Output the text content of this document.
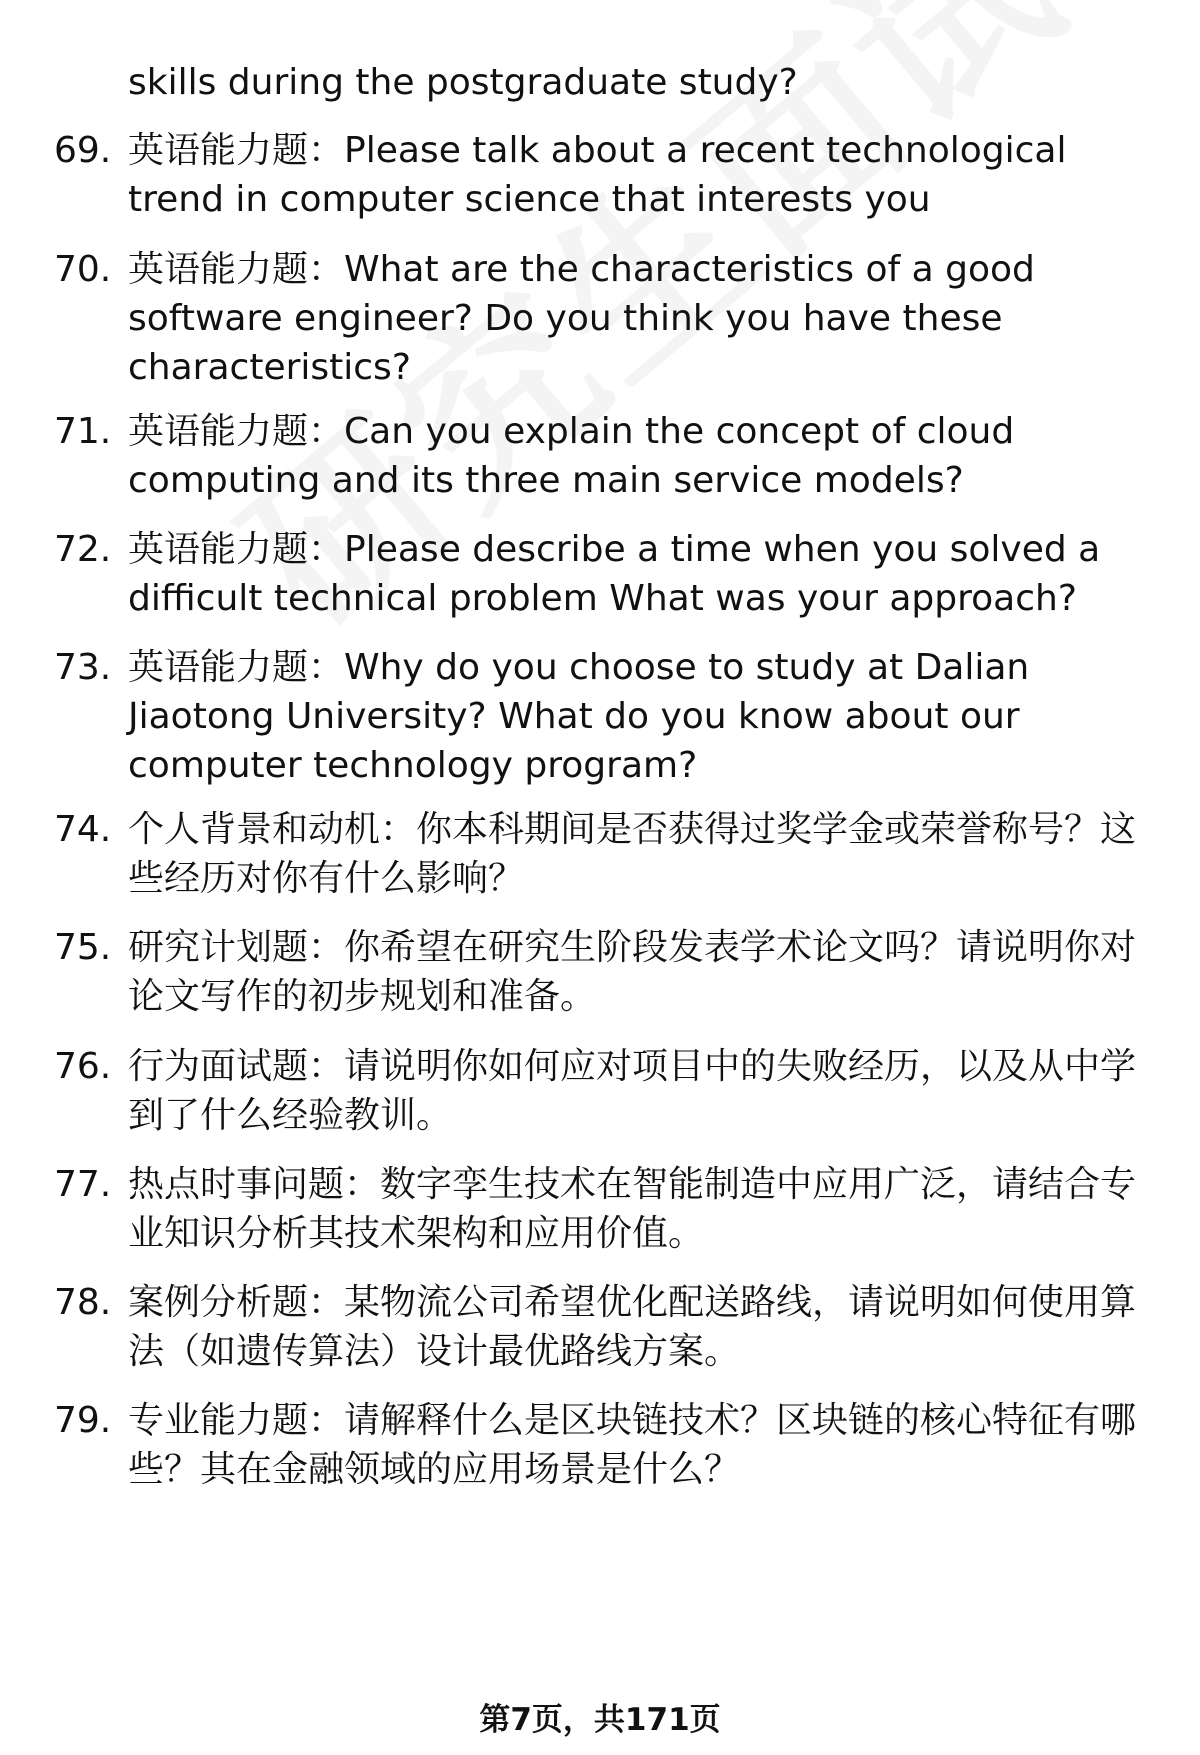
skills during the postgraduate study?
69. 英语能力题：Please talk about a recent technological trend in computer science that interests you
70. 英语能力题：What are the characteristics of a good software engineer? Do you think you have these characteristics?
71. 英语能力题：Can you explain the concept of cloud computing and its three main service models?
72. 英语能力题：Please describe a time when you solved a difficult technical problem What was your approach?
73. 英语能力题：Why do you choose to study at Dalian Jiaotong University? What do you know about our computer technology program?
74. 个人背景和动机：你本科期间是否获得过奖学金或荣誉称号？这些经历对你有什么影响？
75. 研究计划题：你希望在研究生阶段发表学术论文吗？请说明你对论文写作的初步规划和准备。
76. 行为面试题：请说明你如何应对项目中的失败经历，以及从中学到了什么经验教训。
77. 热点时事问题：数字孪生技术在智能制造中应用广泛，请结合专业知识分析其技术架构和应用价值。
78. 案例分析题：某物流公司希望优化配送路线，请说明如何使用算法（如遗传算法）设计最优路线方案。
79. 专业能力题：请解释什么是区块链技术？区块链的核心特征有哪些？其在金融领域的应用场景是什么？
第7页，共171页
